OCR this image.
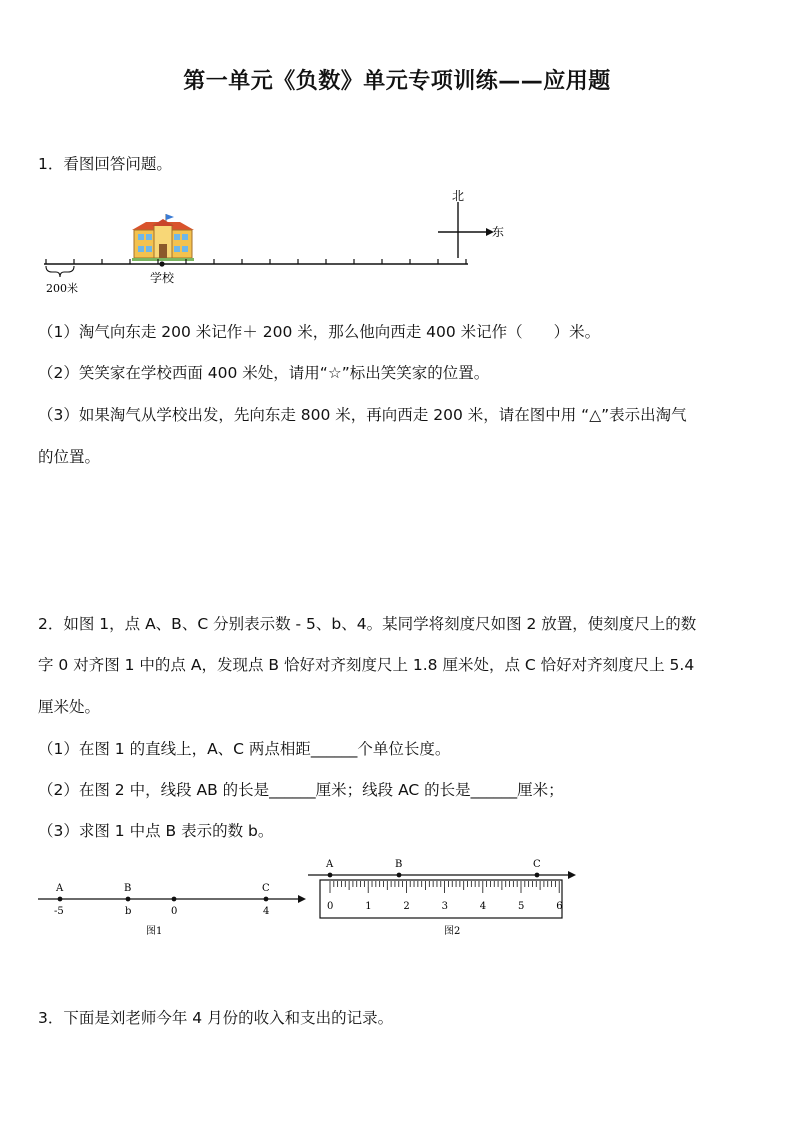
第一单元《负数》单元专项训练——应用题
1．看图回答问题。
北
东
学校
200米
（1）淘气向东走 200 米记作＋ 200 米，那么他向西走 400 米记作（　　）米。
（2）笑笑家在学校西面 400 米处，请用“☆”标出笑笑家的位置。
（3）如果淘气从学校出发，先向东走 800 米，再向西走 200 米，请在图中用 “△”表示出淘气
的位置。
2．如图 1，点 A、B、C 分别表示数 - 5、b、4。某同学将刻度尺如图 2 放置，使刻度尺上的数
字 0 对齐图 1 中的点 A，发现点 B 恰好对齐刻度尺上 1.8 厘米处，点 C 恰好对齐刻度尺上 5.4
厘米处。
（1）在图 1 的直线上，A、C 两点相距______个单位长度。
（2）在图 2 中，线段 AB 的长是______厘米；线段 AC 的长是______厘米；
（3）求图 1 中点 B 表示的数 b。
A	B	C
-5	b	0	4
图1
A	B	C
0	1	2	3	4	5	6
图2
3．下面是刘老师今年 4 月份的收入和支出的记录。
